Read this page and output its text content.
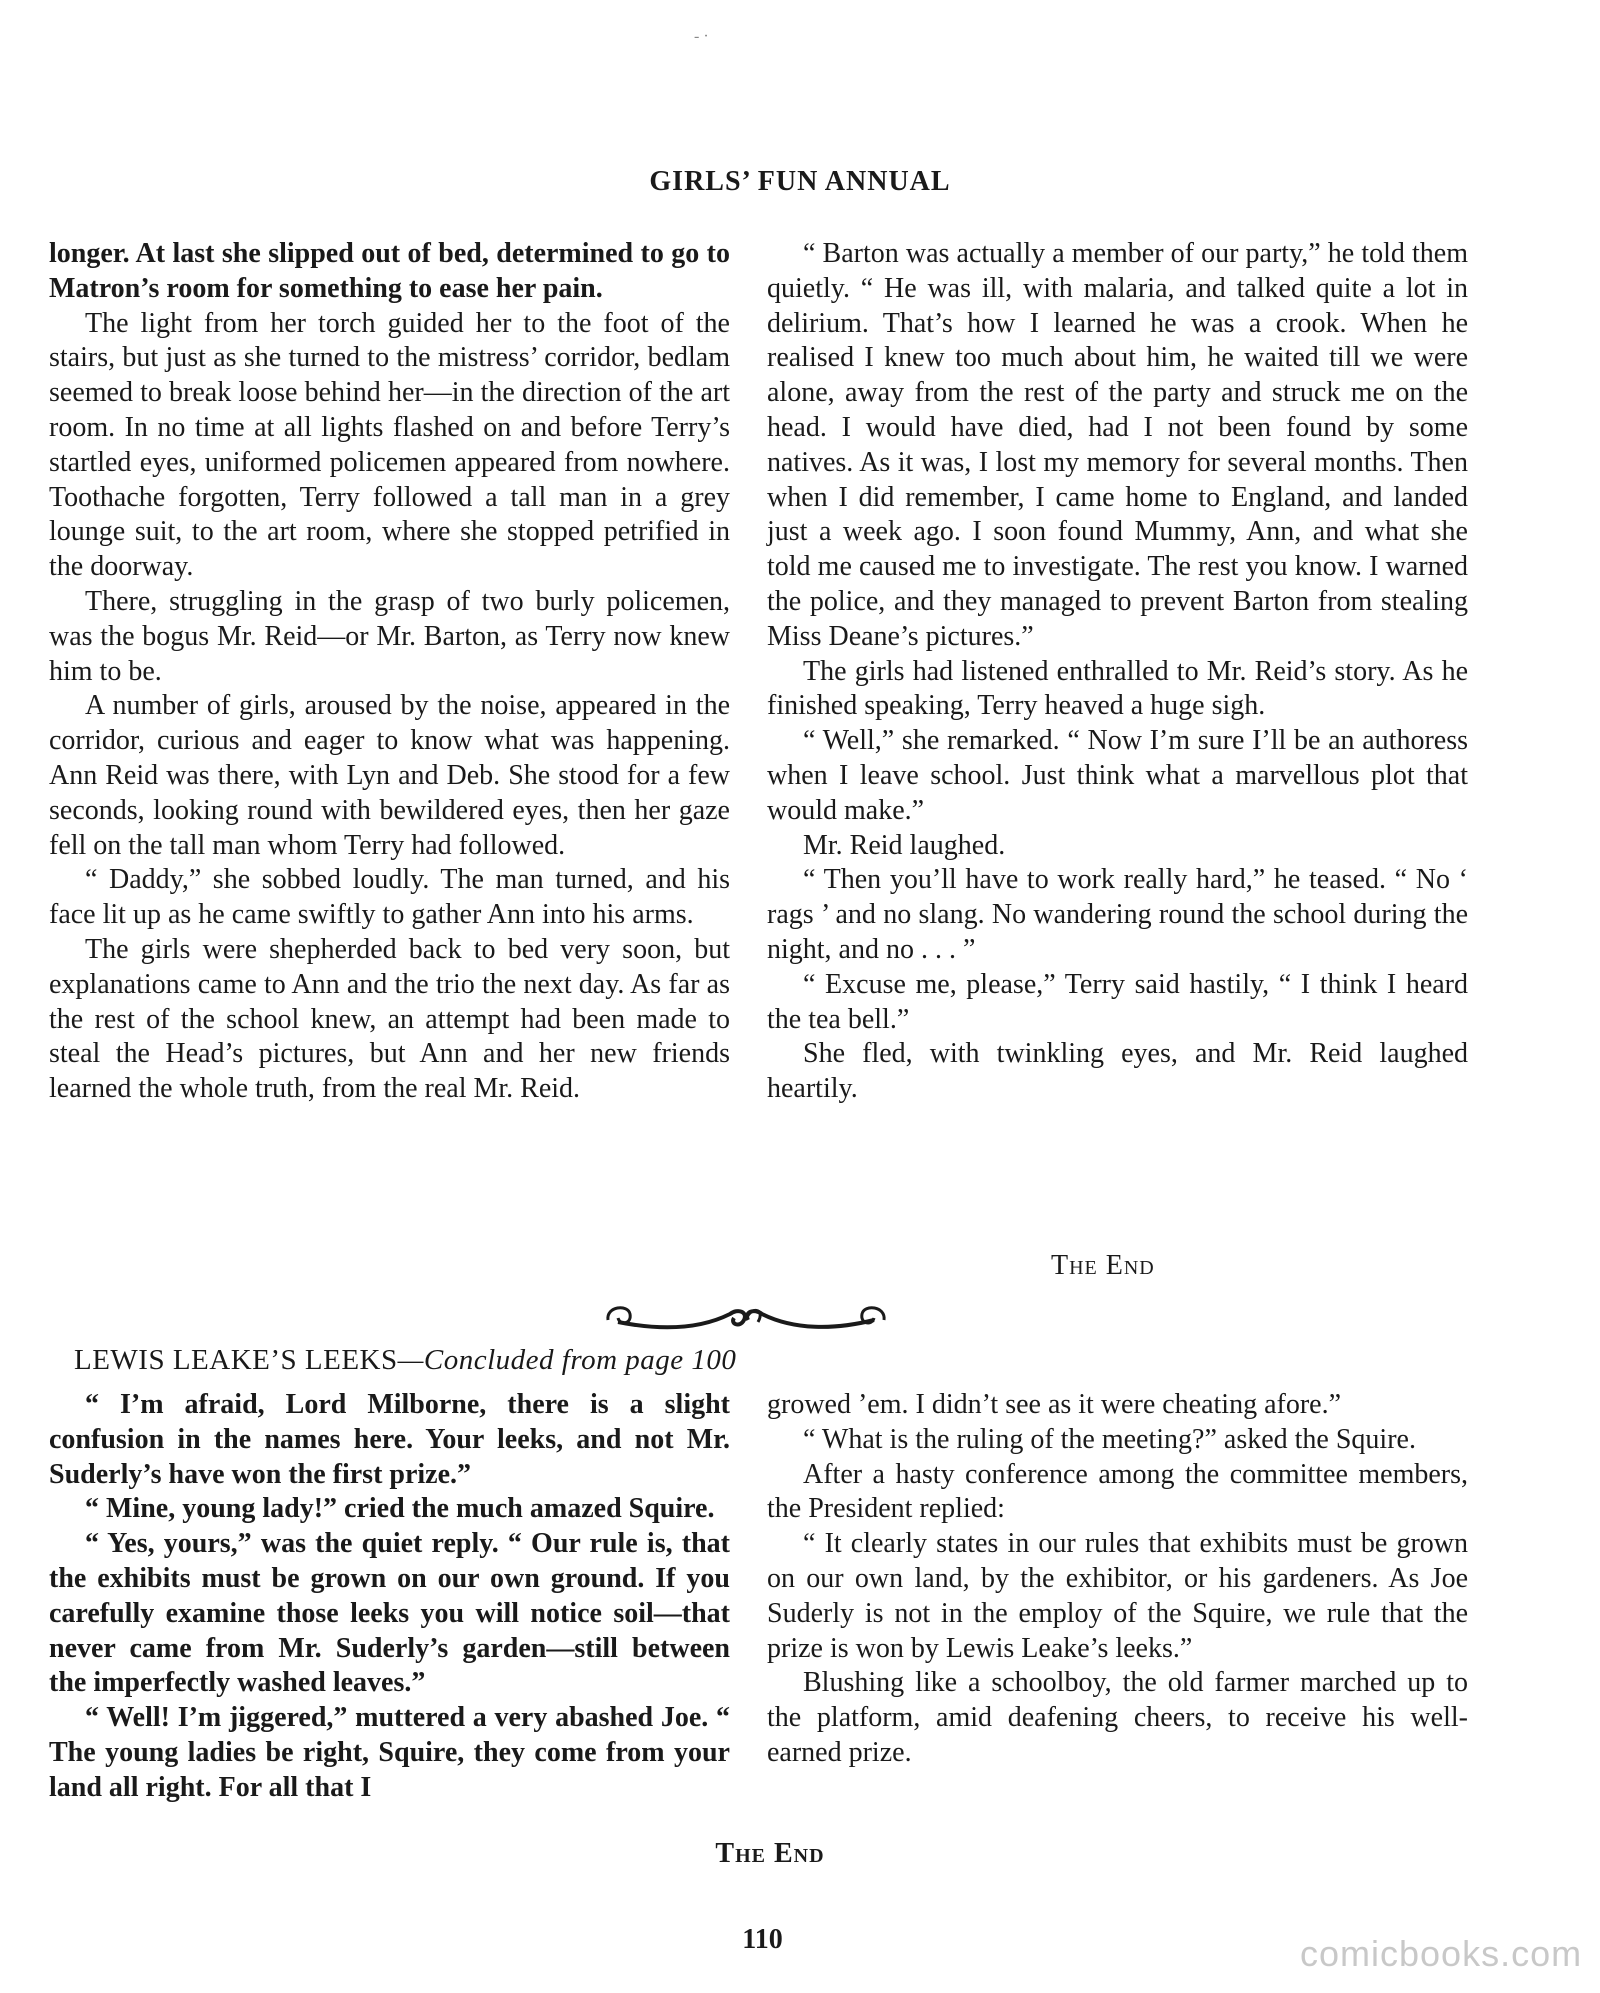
- ·
GIRLS’ FUN ANNUAL

longer. At last she slipped out of bed, determined to go to Matron’s room for something to ease her pain.

The light from her torch guided her to the foot of the stairs, but just as she turned to the mistress’ corridor, bedlam seemed to break loose behind her—in the direction of the art room. In no time at all lights flashed on and before Terry’s startled eyes, uniformed policemen appeared from nowhere. Toothache forgotten, Terry followed a tall man in a grey lounge suit, to the art room, where she stopped petrified in the doorway.

There, struggling in the grasp of two burly policemen, was the bogus Mr. Reid—or Mr. Barton, as Terry now knew him to be.

A number of girls, aroused by the noise, appeared in the corridor, curious and eager to know what was happening. Ann Reid was there, with Lyn and Deb. She stood for a few seconds, looking round with bewildered eyes, then her gaze fell on the tall man whom Terry had followed.

“ Daddy,” she sobbed loudly. The man turned, and his face lit up as he came swiftly to gather Ann into his arms.

The girls were shepherded back to bed very soon, but explanations came to Ann and the trio the next day. As far as the rest of the school knew, an attempt had been made to steal the Head’s pictures, but Ann and her new friends learned the whole truth, from the real Mr. Reid.

“ Barton was actually a member of our party,” he told them quietly. “ He was ill, with malaria, and talked quite a lot in delirium. That’s how I learned he was a crook. When he realised I knew too much about him, he waited till we were alone, away from the rest of the party and struck me on the head. I would have died, had I not been found by some natives. As it was, I lost my memory for several months. Then when I did remember, I came home to England, and landed just a week ago. I soon found Mummy, Ann, and what she told me caused me to investigate. The rest you know. I warned the police, and they managed to prevent Barton from stealing Miss Deane’s pictures.”

The girls had listened enthralled to Mr. Reid’s story. As he finished speaking, Terry heaved a huge sigh.

“ Well,” she remarked. “ Now I’m sure I’ll be an authoress when I leave school. Just think what a marvellous plot that would make.”

Mr. Reid laughed.

“ Then you’ll have to work really hard,” he teased. “ No ‘ rags ’ and no slang. No wandering round the school during the night, and no . . . ”

“ Excuse me, please,” Terry said hastily, “ I think I heard the tea bell.”

She fled, with twinkling eyes, and Mr. Reid laughed heartily.

The End
LEWIS LEAKE’S LEEKS—Concluded from page 100

“ I’m afraid, Lord Milborne, there is a slight confusion in the names here. Your leeks, and not Mr. Suderly’s have won the first prize.”

“ Mine, young lady!” cried the much amazed Squire.

“ Yes, yours,” was the quiet reply. “ Our rule is, that the exhibits must be grown on our own ground. If you carefully examine those leeks you will notice soil—that never came from Mr. Suderly’s garden—still between the imperfectly washed leaves.”

“ Well! I’m jiggered,” muttered a very abashed Joe. “ The young ladies be right, Squire, they come from your land all right. For all that I

growed ’em. I didn’t see as it were cheating afore.”

“ What is the ruling of the meeting?” asked the Squire.

After a hasty conference among the committee members, the President replied:

“ It clearly states in our rules that exhibits must be grown on our own land, by the exhibitor, or his gardeners. As Joe Suderly is not in the employ of the Squire, we rule that the prize is won by Lewis Leake’s leeks.”

Blushing like a schoolboy, the old farmer marched up to the platform, amid deafening cheers, to receive his well-earned prize.

The End
110	comicbooks.com
